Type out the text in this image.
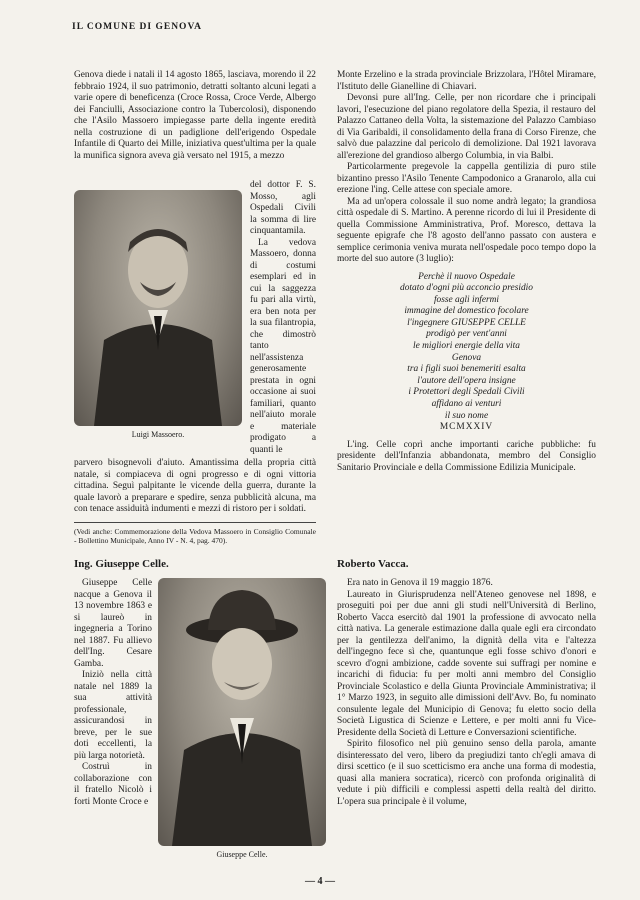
IL COMUNE DI GENOVA

Genova diede i natali il 14 agosto 1865, lasciava, morendo il 22 febbraio 1924, il suo patrimonio, detratti soltanto alcuni legati a varie opere di beneficenza (Croce Rossa, Croce Verde, Albergo dei Fanciulli, Associazione contro la Tubercolosi), disponendo che l'Asilo Massoero impiegasse parte della ingente eredità nella costruzione di un padiglione dell'erigendo Ospedale Infantile di Quarto dei Mille, iniziativa quest'ultima per la quale la munifica signora aveva già versato nel 1915, a mezzo

Luigi Massoero.

del dottor F. S. Mosso, agli Ospedali Civili la somma di lire cinquantamila.

La vedova Massoero, donna di costumi esemplari ed in cui la saggezza fu pari alla virtù, era ben nota per la sua filantropia, che dimostrò tanto nell'assistenza generosamente prestata in ogni occasione ai suoi familiari, quanto nell'aiuto morale e materiale prodigato a quanti le

parvero bisognevoli d'aiuto. Amantissima della propria città natale, si compiaceva di ogni progresso e di ogni vittoria cittadina. Seguì palpitante le vicende della guerra, durante la quale lavorò a preparare e spedire, senza pubblicità alcuna, ma con tenace assiduità indumenti e mezzi di ristoro per i soldati.

(Vedi anche: Commemorazione della Vedova Massoero in Consiglio Comunale - Bollettino Municipale, Anno IV - N. 4, pag. 470).

Ing. Giuseppe Celle.

Giuseppe Celle nacque a Genova il 13 novembre 1863 e si laureò in ingegneria a Torino nel 1887. Fu allievo dell'Ing. Cesare Gamba.

Iniziò nella città natale nel 1889 la sua attività professionale, assicurandosi in breve, per le sue doti eccellenti, la più larga notorietà.

Costruì in collaborazione con il fratello Nicolò i forti Monte Croce e

Giuseppe Celle.

Monte Erzelino e la strada provinciale Brizzolara, l'Hôtel Miramare, l'Istituto delle Gianelline di Chiavari.

Devonsi pure all'Ing. Celle, per non ricordare che i principali lavori, l'esecuzione del piano regolatore della Spezia, il restauro del Palazzo Cattaneo della Volta, la sistemazione del Palazzo Cambiaso di Via Garibaldi, il consolidamento della frana di Corso Firenze, che salvò due palazzine dal pericolo di demolizione. Dal 1921 lavorava all'erezione del grandioso albergo Columbia, in via Balbi.

Particolarmente pregevole la cappella gentilizia di puro stile bizantino presso l'Asilo Tenente Campodonico a Granarolo, alla cui erezione l'ing. Celle attese con speciale amore.

Ma ad un'opera colossale il suo nome andrà legato; la grandiosa città ospedale di S. Martino. A perenne ricordo di lui il Presidente di quella Commissione Amministrativa, Prof. Moresco, dettava la seguente epigrafe che l'8 agosto dell'anno passato con austera e semplice cerimonia veniva murata nell'ospedale poco tempo dopo la morte del suo autore (3 luglio):

Perchè il nuovo Ospedale
dotato d'ogni più acconcio presidio
fosse agli infermi
immagine del domestico focolare
l'ingegnere GIUSEPPE CELLE
prodigò per vent'anni
le migliori energie della vita
Genova
tra i figli suoi benemeriti esalta
l'autore dell'opera insigne
i Protettori degli Spedali Civili
affidano ai venturi
il suo nome
MCMXXIV

L'ing. Celle coprì anche importanti cariche pubbliche: fu presidente dell'Infanzia abbandonata, membro del Consiglio Sanitario Provinciale e della Commissione Edilizia Municipale.

Roberto Vacca.

Era nato in Genova il 19 maggio 1876.

Laureato in Giurisprudenza nell'Ateneo genovese nel 1898, e proseguiti poi per due anni gli studi nell'Università di Berlino, Roberto Vacca esercitò dal 1901 la professione di avvocato nella città nativa. La generale estimazione dalla quale egli era circondato per la gentilezza dell'animo, la dignità della vita e l'altezza dell'ingegno fece sì che, quantunque egli fosse schivo d'onori e scevro d'ogni ambizione, cadde sovente sui suffragi per nomine e incarichi di fiducia: fu per molti anni membro del Consiglio Provinciale Scolastico e della Giunta Provinciale Amministrativa; il 1° Marzo 1923, in seguito alle dimissioni dell'Avv. Bo, fu nominato consulente legale del Municipio di Genova; fu eletto socio della Società Ligustica di Scienze e Lettere, e per molti anni fu Vice-Presidente della Società di Letture e Conversazioni scientifiche.

Spirito filosofico nel più genuino senso della parola, amante disinteressato del vero, libero da pregiudizi tanto ch'egli amava di dirsi scettico (e il suo scetticismo era anche una forma di modestia, quasi alla maniera socratica), ricercò con profonda originalità di vedute i più difficili e complessi aspetti della realtà del diritto. L'opera sua principale è il volume,

— 4 —
